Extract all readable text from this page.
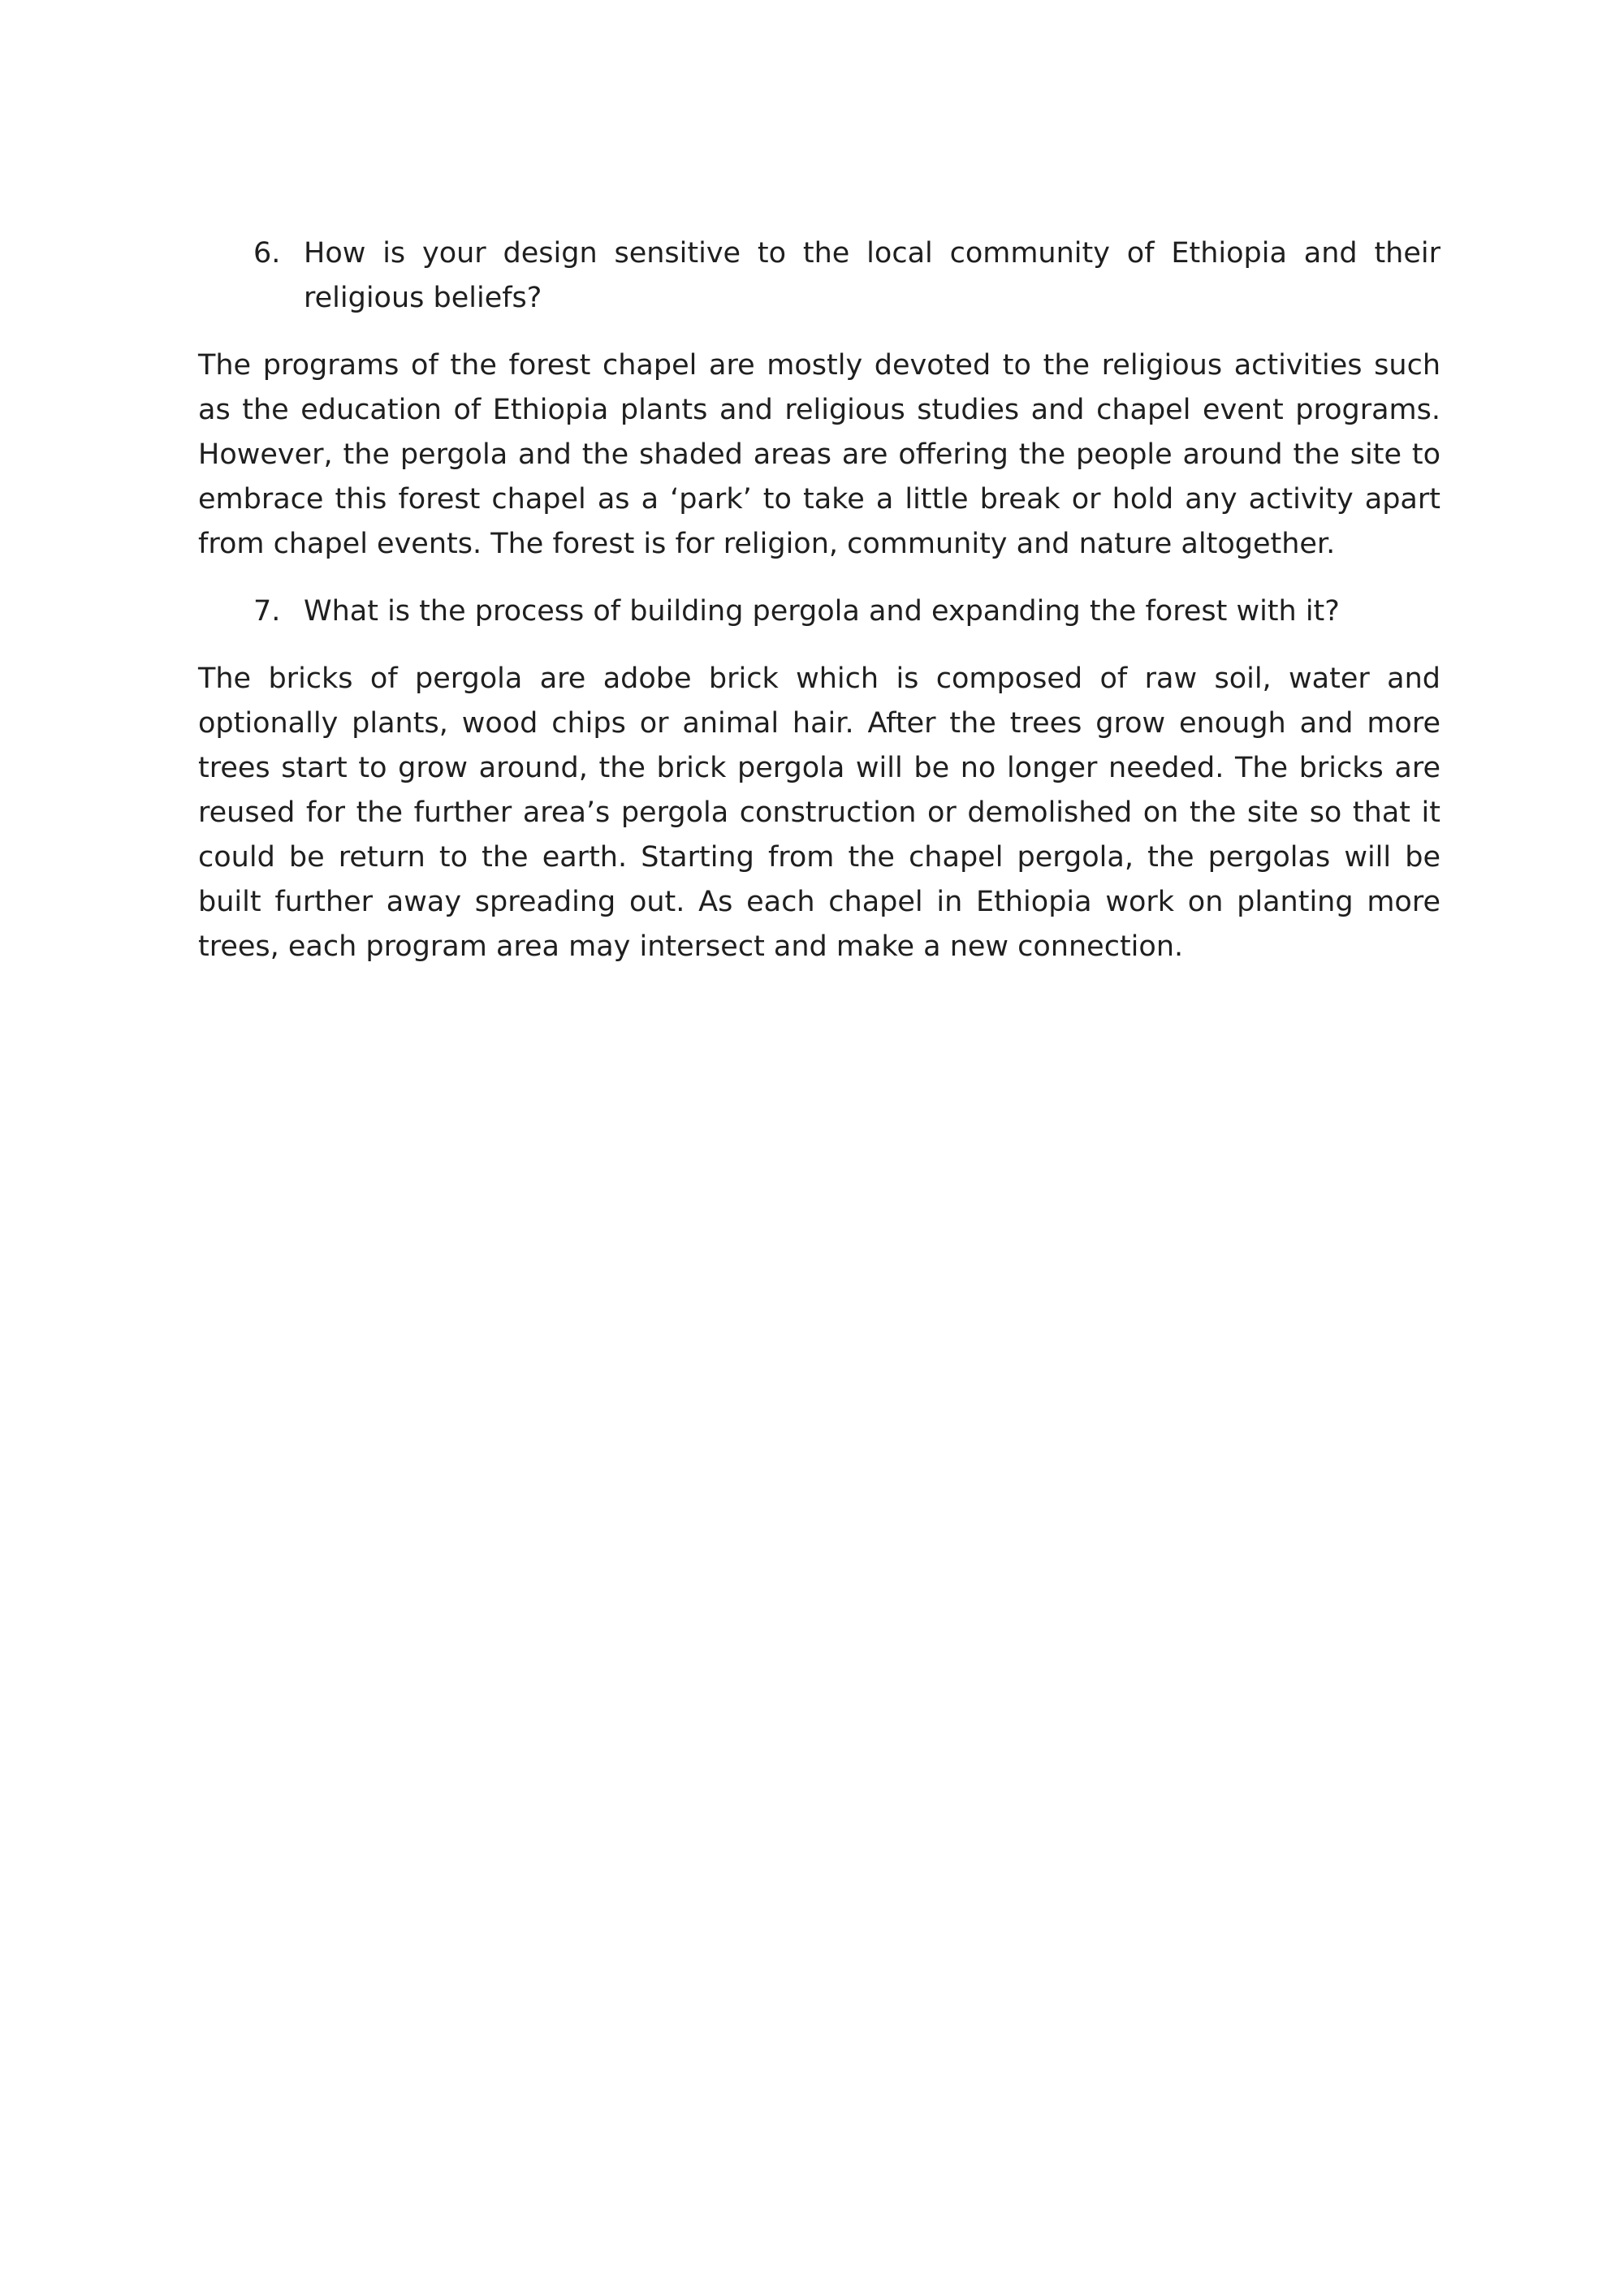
6. How is your design sensitive to the local community of Ethiopia and their religious beliefs?

The programs of the forest chapel are mostly devoted to the religious activities such as the education of Ethiopia plants and religious studies and chapel event programs. However, the pergola and the shaded areas are offering the people around the site to embrace this forest chapel as a ‘park’ to take a little break or hold any activity apart from chapel events. The forest is for religion, community and nature altogether.

7. What is the process of building pergola and expanding the forest with it?

The bricks of pergola are adobe brick which is composed of raw soil, water and optionally plants, wood chips or animal hair. After the trees grow enough and more trees start to grow around, the brick pergola will be no longer needed. The bricks are reused for the further area’s pergola construction or demolished on the site so that it could be return to the earth. Starting from the chapel pergola, the pergolas will be built further away spreading out. As each chapel in Ethiopia work on planting more trees, each program area may intersect and make a new connection.
